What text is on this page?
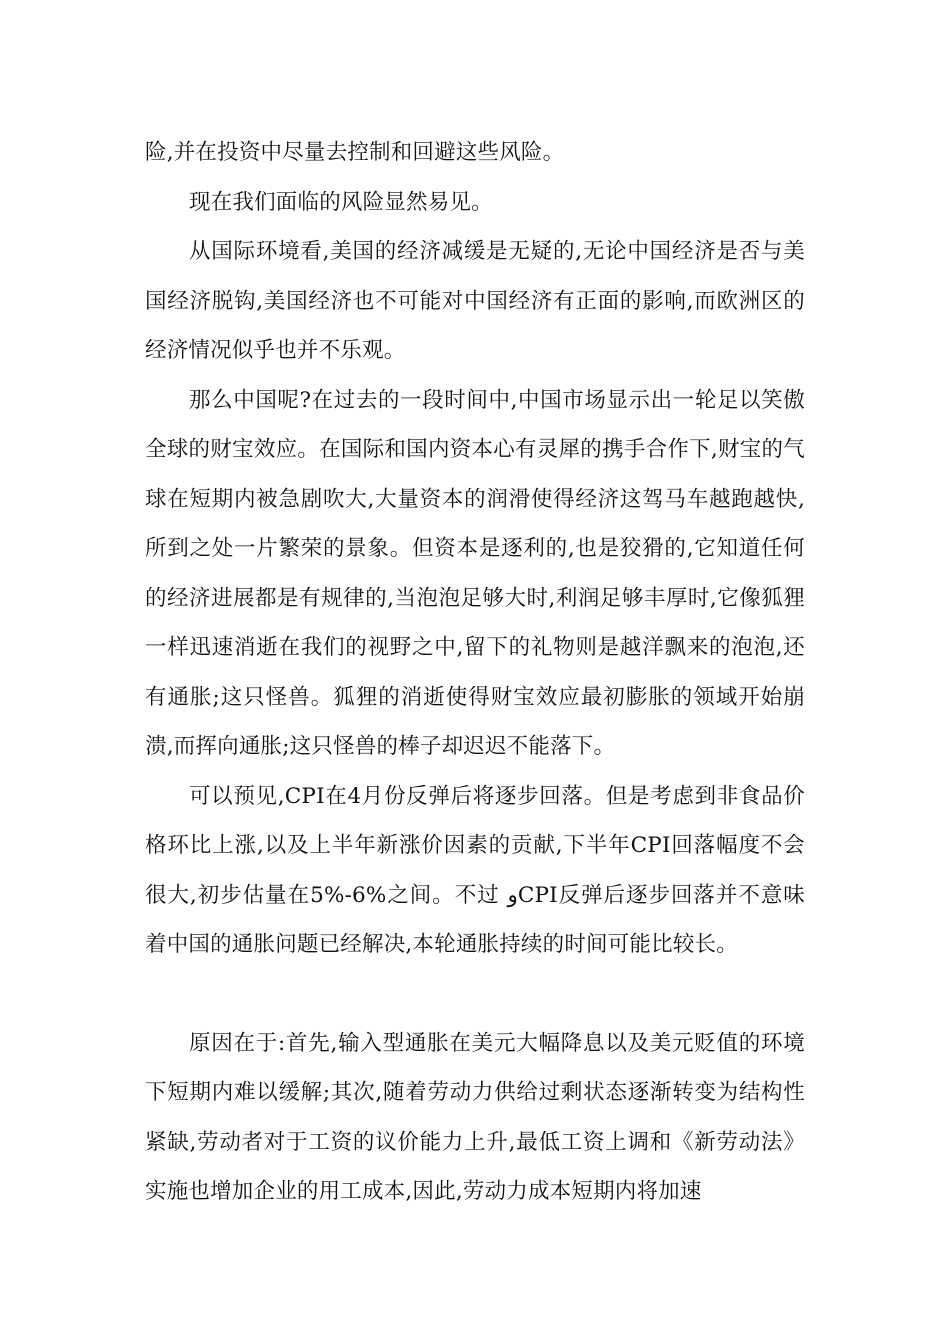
险,并在投资中尽量去控制和回避这些风险。

现在我们面临的风险显然易见。

从国际环境看,美国的经济减缓是无疑的,无论中国经济是否与美国经济脱钩,美国经济也不可能对中国经济有正面的影响,而欧洲区的经济情况似乎也并不乐观。

那么中国呢?在过去的一段时间中,中国市场显示出一轮足以笑傲全球的财宝效应。在国际和国内资本心有灵犀的携手合作下,财宝的气球在短期内被急剧吹大,大量资本的润滑使得经济这驾马车越跑越快,所到之处一片繁荣的景象。但资本是逐利的,也是狡猾的,它知道任何的经济进展都是有规律的,当泡泡足够大时,利润足够丰厚时,它像狐狸一样迅速消逝在我们的视野之中,留下的礼物则是越洋飘来的泡泡,还有通胀;这只怪兽。狐狸的消逝使得财宝效应最初膨胀的领域开始崩溃,而挥向通胀;这只怪兽的棒子却迟迟不能落下。

可以预见,CPI在4月份反弹后将逐步回落。但是考虑到非食品价格环比上涨,以及上半年新涨价因素的贡献,下半年CPI回落幅度不会很大,初步估量在5%-6%之间。不过 ﻭCPI反弹后逐步回落并不意味着中国的通胀问题已经解决,本轮通胀持续的时间可能比较长。

原因在于:首先,输入型通胀在美元大幅降息以及美元贬值的环境下短期内难以缓解;其次,随着劳动力供给过剩状态逐渐转变为结构性紧缺,劳动者对于工资的议价能力上升,最低工资上调和《新劳动法》实施也增加企业的用工成本,因此,劳动力成本短期内将加速
